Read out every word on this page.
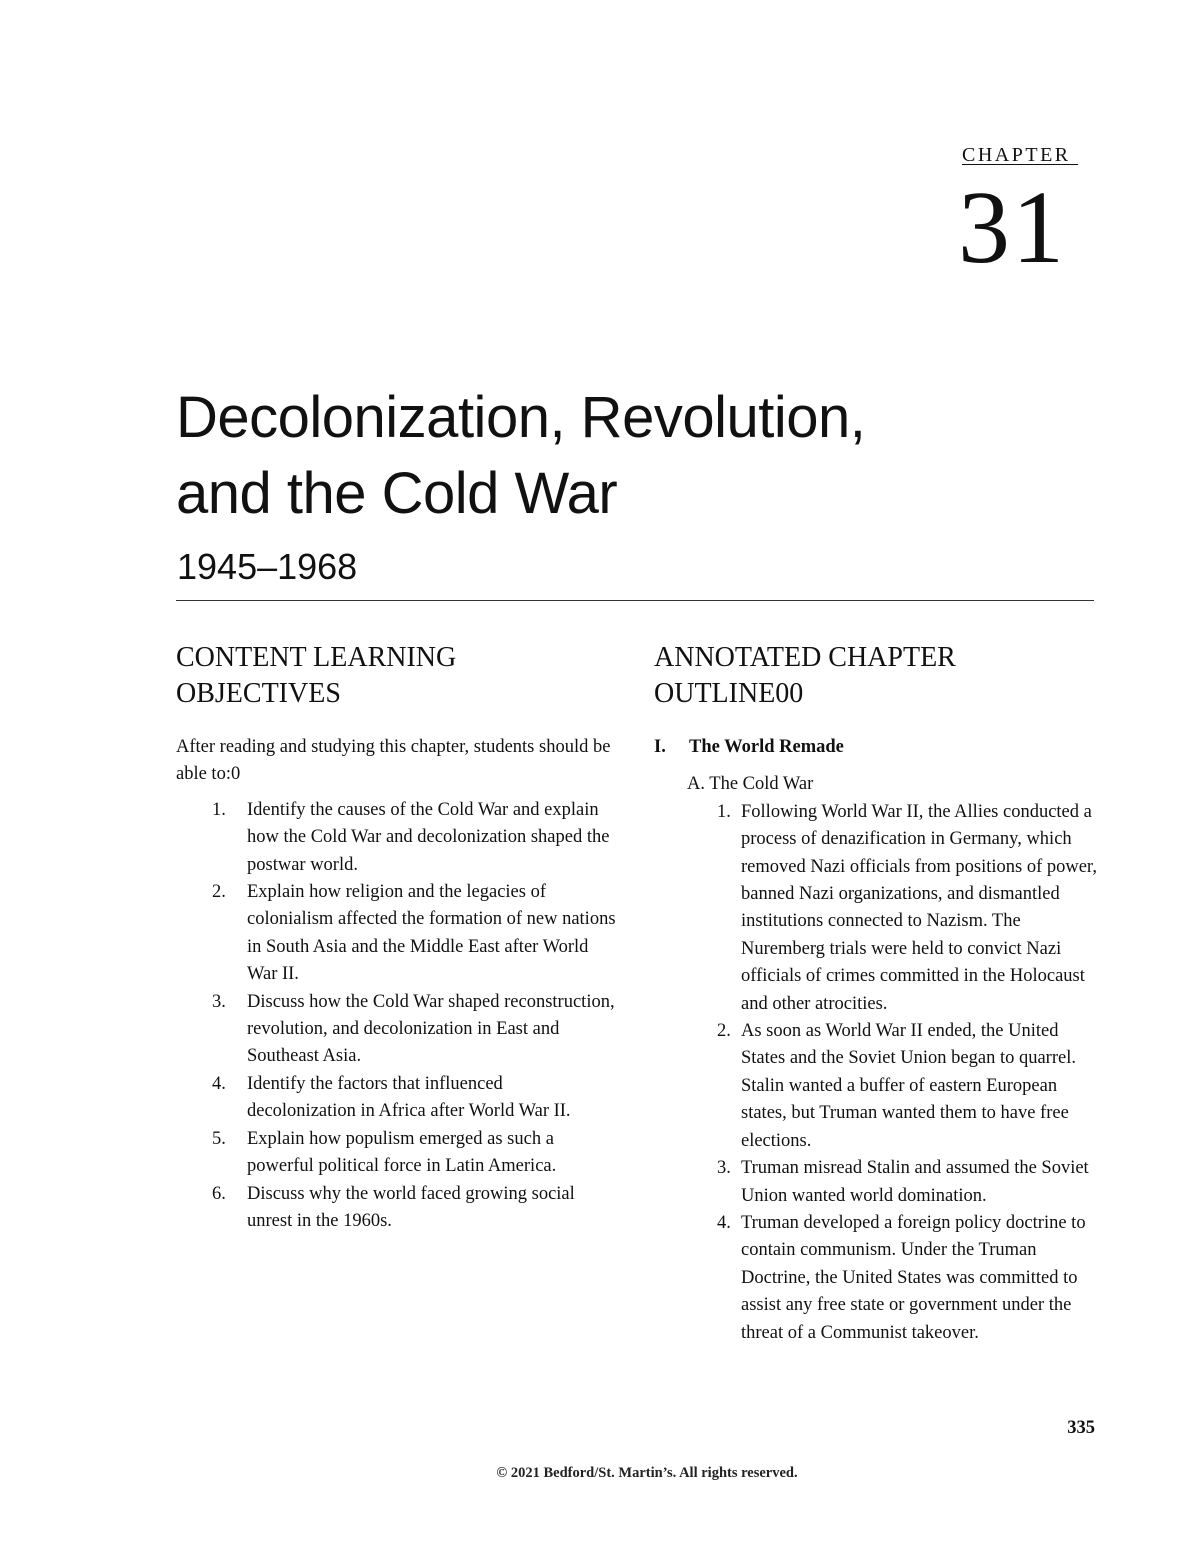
CHAPTER
31
Decolonization, Revolution,
and the Cold War
1945–1968
CONTENT LEARNING
OBJECTIVES
ANNOTATED CHAPTER
OUTLINE00

After reading and studying this chapter, students should be able to:0

1. Identify the causes of the Cold War and explain how the Cold War and decolonization shaped the postwar world.
2. Explain how religion and the legacies of colonialism affected the formation of new nations in South Asia and the Middle East after World War II.
3. Discuss how the Cold War shaped reconstruction, revolution, and decolonization in East and Southeast Asia.
4. Identify the factors that influenced decolonization in Africa after World War II.
5. Explain how populism emerged as such a powerful political force in Latin America.
6. Discuss why the world faced growing social unrest in the 1960s.

I. The World Remade

A. The Cold War

1. Following World War II, the Allies conducted a process of denazification in Germany, which removed Nazi officials from positions of power, banned Nazi organizations, and dismantled institutions connected to Nazism. The Nuremberg trials were held to convict Nazi officials of crimes committed in the Holocaust and other atrocities.
2. As soon as World War II ended, the United States and the Soviet Union began to quarrel. Stalin wanted a buffer of eastern European states, but Truman wanted them to have free elections.
3. Truman misread Stalin and assumed the Soviet Union wanted world domination.
4. Truman developed a foreign policy doctrine to contain communism. Under the Truman Doctrine, the United States was committed to assist any free state or government under the threat of a Communist takeover.
335
© 2021 Bedford/St. Martin’s. All rights reserved.
